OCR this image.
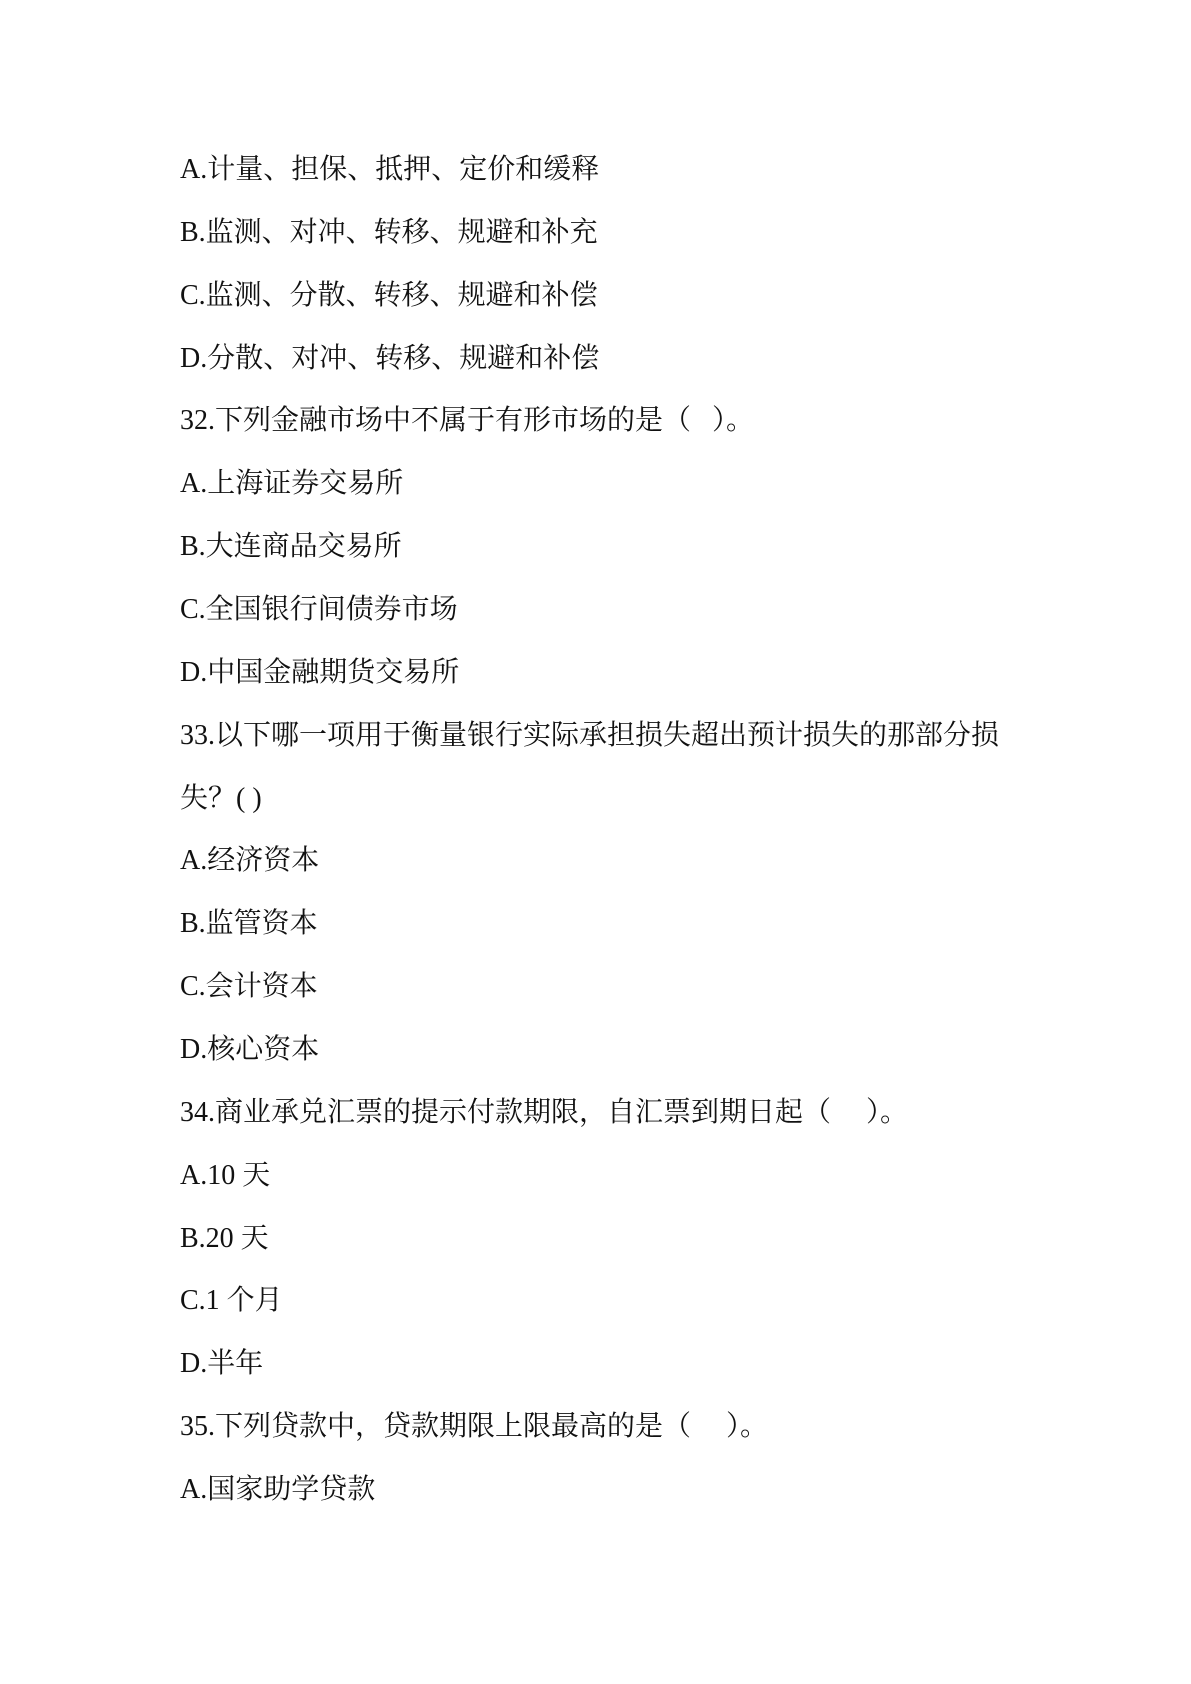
A.计量、担保、抵押、定价和缓释
B.监测、对冲、转移、规避和补充
C.监测、分散、转移、规避和补偿
D.分散、对冲、转移、规避和补偿
32.下列金融市场中不属于有形市场的是（   ）。
A.上海证券交易所
B.大连商品交易所
C.全国银行间债券市场
D.中国金融期货交易所
33.以下哪一项用于衡量银行实际承担损失超出预计损失的那部分损
失？( )
A.经济资本
B.监管资本
C.会计资本
D.核心资本
34.商业承兑汇票的提示付款期限，自汇票到期日起（     ）。
A.10 天
B.20 天
C.1 个月
D.半年
35.下列贷款中，贷款期限上限最高的是（     ）。
A.国家助学贷款
